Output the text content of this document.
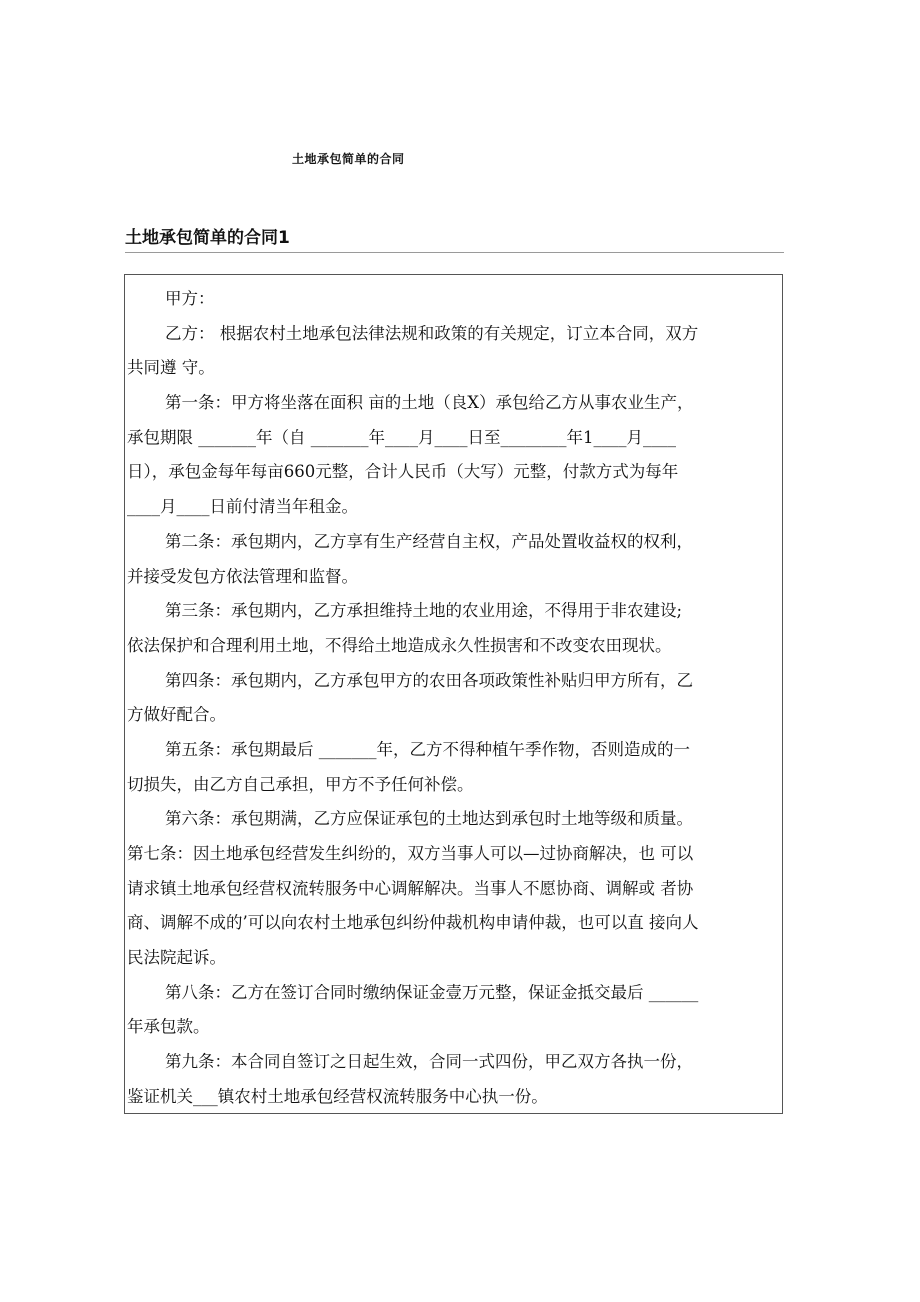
土地承包简单的合同
土地承包简单的合同1
甲方：
乙方： 根据农村土地承包法律法规和政策的有关规定，订立本合同，双方
共同遵 守。
第一条：甲方将坐落在面积 亩的土地（良X）承包给乙方从事农业生产，
承包期限 _______年（自 _______年____月____日至________年1____月____
日），承包金每年每亩660元整，合计人民币（大写）元整，付款方式为每年
____月____日前付清当年租金。
第二条：承包期内，乙方享有生产经营自主权，产品处置收益权的权利，
并接受发包方依法管理和监督。
第三条：承包期内，乙方承担维持土地的农业用途，不得用于非农建设;
依法保护和合理利用土地，不得给土地造成永久性损害和不改变农田现状。
第四条：承包期内，乙方承包甲方的农田各项政策性补贴归甲方所有，乙
方做好配合。
第五条：承包期最后 _______年，乙方不得种植午季作物，否则造成的一
切损失，由乙方自己承担，甲方不予任何补偿。
第六条：承包期满，乙方应保证承包的土地达到承包时土地等级和质量。
第七条：因土地承包经营发生纠纷的，双方当事人可以—过协商解决，也 可以
请求镇土地承包经营权流转服务中心调解解决。当事人不愿协商、调解或 者协
商、调解不成的’可以向农村土地承包纠纷仲裁机构申请仲裁，也可以直 接向人
民法院起诉。
第八条：乙方在签订合同时缴纳保证金壹万元整，保证金抵交最后 ______
年承包款。
第九条：本合同自签订之日起生效，合同一式四份，甲乙双方各执一份，
鉴证机关___镇农村土地承包经营权流转服务中心执一份。
